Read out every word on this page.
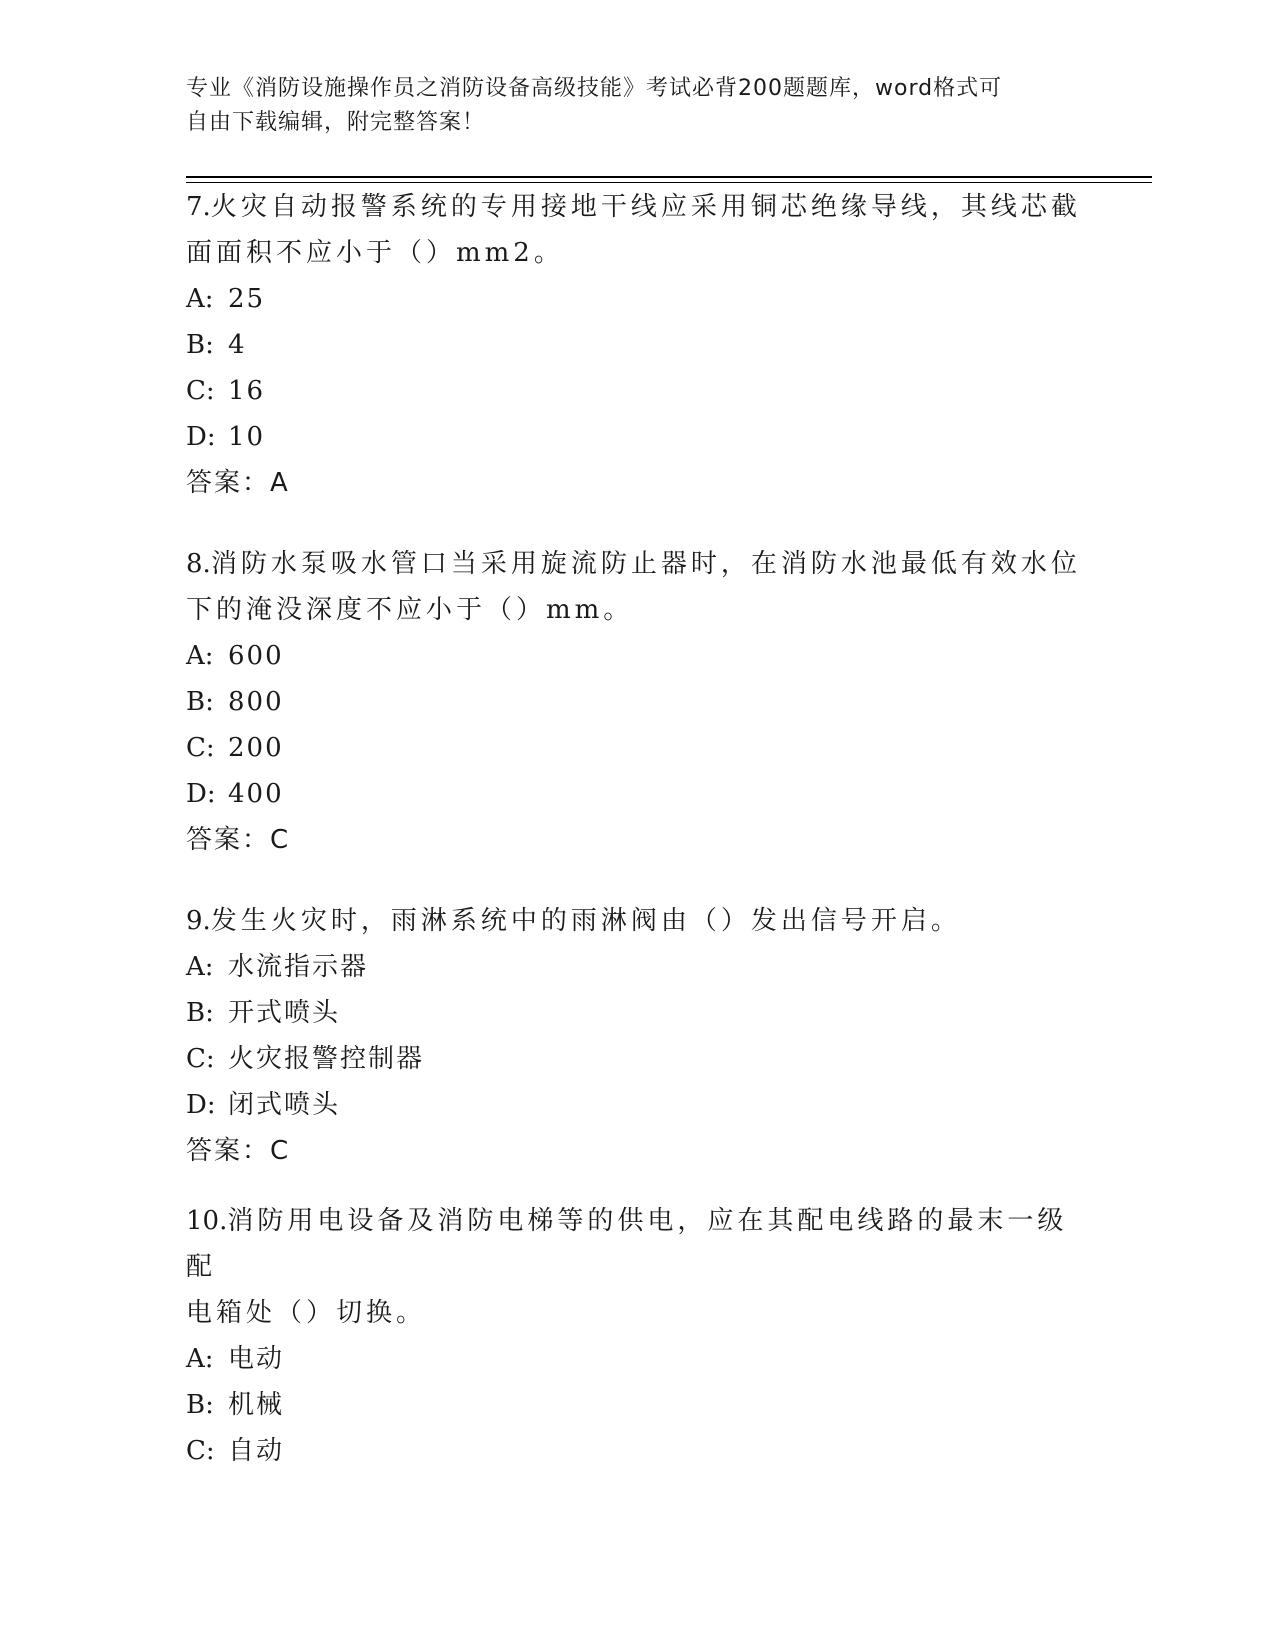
专业《消防设施操作员之消防设备高级技能》考试必背200题题库，word格式可

自由下载编辑，附完整答案！

7.火灾自动报警系统的专用接地干线应采用铜芯绝缘导线，其线芯截
面面积不应小于（）mm2。

A: 25
B: 4
C: 16
D: 10
答案：A

8.消防水泵吸水管口当采用旋流防止器时，在消防水池最低有效水位
下的淹没深度不应小于（）mm。

A: 600
B: 800
C: 200
D: 400
答案：C

9.发生火灾时，雨淋系统中的雨淋阀由（）发出信号开启。

A: 水流指示器
B: 开式喷头
C: 火灾报警控制器
D: 闭式喷头
答案：C

10.消防用电设备及消防电梯等的供电，应在其配电线路的最末一级配
电箱处（）切换。

A: 电动
B: 机械
C: 自动
